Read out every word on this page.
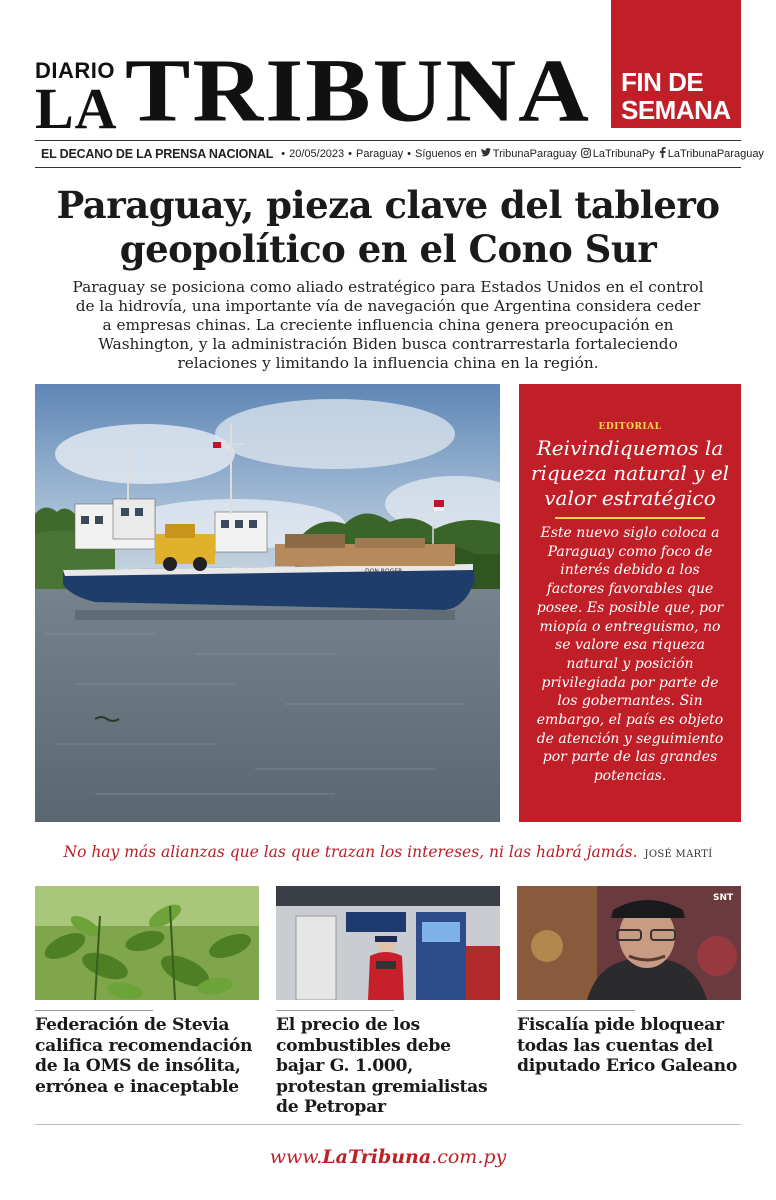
DIARIO
LA TRIBUNA FIN DE
SEMANA
EL DECANO DE LA PRENSA NACIONAL • 20/05/2023 • Paraguay • Síguenos en TribunaParaguay LaTribunaPy LaTribunaParaguay
Paraguay, pieza clave del tablero
geopolítico en el Cono Sur
Paraguay se posiciona como aliado estratégico para Estados Unidos en el control de la hidrovía, una importante vía de navegación que Argentina considera ceder a empresas chinas. La creciente influencia china genera preocupación en Washington, y la administración Biden busca contrarrestarla fortaleciendo relaciones y limitando la influencia china en la región.
DON ROGER
EDITORIAL
Reivindiquemos la riqueza natural y el valor estratégico
Este nuevo siglo coloca a Paraguay como foco de interés debido a los factores favorables que posee. Es posible que, por miopía o entreguismo, no se valore esa riqueza natural y posición privilegiada por parte de los gobernantes. Sin embargo, el país es objeto de atención y seguimiento por parte de las grandes potencias.
No hay más alianzas que las que trazan los intereses, ni las habrá jamás. JOSÉ MARTÍ
Federación de Stevia califica recomendación de la OMS de insólita, errónea e inaceptable
El precio de los combustibles debe bajar G. 1.000, protestan gremialistas de Petropar
SNT
Fiscalía pide bloquear todas las cuentas del diputado Erico Galeano
www.LaTribuna.com.py
